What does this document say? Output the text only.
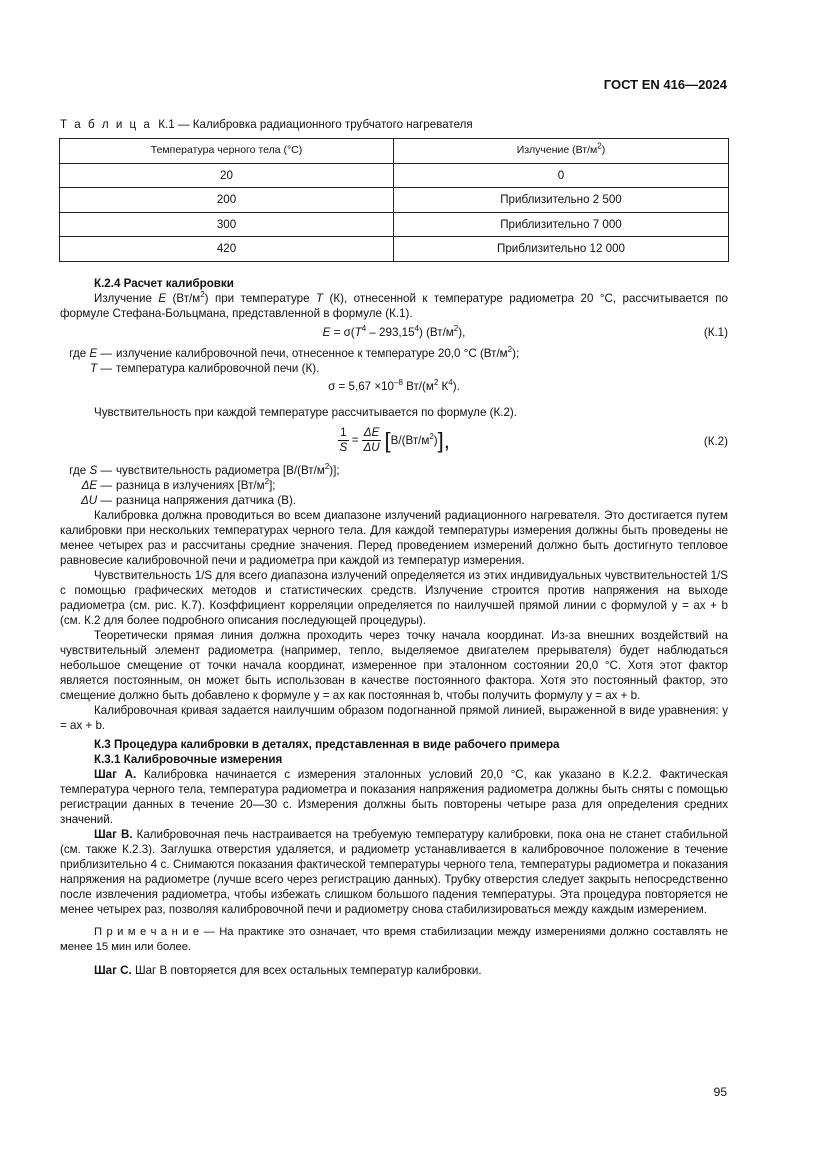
ГОСТ EN 416—2024
Т а б л и ц а К.1 — Калибровка радиационного трубчатого нагревателя
Температура черного тела (°С)	Излучение $(Вт/м^2)$
20	0
200	Приблизительно 2 500
300	Приблизительно 7 000
420	Приблизительно 12 000

К.2.4 Расчет калибровки

Излучение E $(Вт/м^2)$ при температуре T (К), отнесенной к температуре радиометра 20 °С, рассчитывается по формуле Стефана-Больцмана, представленной в формуле (К.1).

$E = \sigma(T^4 - 293,15^4)$ $(Вт/м^2)$,	(К.1)
где E — излучение калибровочной печи, отнесенное к температуре 20,0 °С $(Вт/м^2)$;
T — температура калибровочной печи (К).
$\sigma = 5,67 \times 10^{-8}$ $Вт/(м^2$ $К^4$).

Чувствительность при каждой температуре рассчитывается по формуле (К.2).

$\frac{1}{S} = \frac{\Delta E}{\Delta U} [B/(Вт/м^2)]$,	(К.2)
где S — чувствительность радиометра $[В/(Вт/м^2)]$;
ΔE — разница в излучениях $[Вт/м^2]$;
ΔU — разница напряжения датчика (В).

Калибровка должна проводиться во всем диапазоне излучений радиационного нагревателя. Это достигается путем калибровки при нескольких температурах черного тела. Для каждой температуры измерения должны быть проведены не менее четырех раз и рассчитаны средние значения. Перед проведением измерений должно быть достигнуто тепловое равновесие калибровочной печи и радиометра при каждой из температур измерения.

Чувствительность 1/S для всего диапазона излучений определяется из этих индивидуальных чувствительностей 1/S с помощью графических методов и статистических средств. Излучение строится против напряжения на выходе радиометра (см. рис. К.7). Коэффициент корреляции определяется по наилучшей прямой линии с формулой y = ax + b (см. К.2 для более подробного описания последующей процедуры).

Теоретически прямая линия должна проходить через точку начала координат. Из-за внешних воздействий на чувствительный элемент радиометра (например, тепло, выделяемое двигателем прерывателя) будет наблюдаться небольшое смещение от точки начала координат, измеренное при эталонном состоянии 20,0 °С. Хотя этот фактор является постоянным, он может быть использован в качестве постоянного фактора. Хотя это постоянный фактор, это смещение должно быть добавлено к формуле y = ax как постоянная b, чтобы получить формулу y = ax + b.

Калибровочная кривая задается наилучшим образом подогнанной прямой линией, выраженной в виде уравнения: y = ax + b.

К.3 Процедура калибровки в деталях, представленная в виде рабочего примера

К.3.1 Калибровочные измерения

Шаг А. Калибровка начинается с измерения эталонных условий 20,0 °С, как указано в К.2.2. Фактическая температура черного тела, температура радиометра и показания напряжения радиометра должны быть сняты с помощью регистрации данных в течение 20—30 с. Измерения должны быть повторены четыре раза для определения средних значений.

Шаг В. Калибровочная печь настраивается на требуемую температуру калибровки, пока она не станет стабильной (см. также К.2.3). Заглушка отверстия удаляется, и радиометр устанавливается в калибровочное положение в течение приблизительно 4 с. Снимаются показания фактической температуры черного тела, температуры радиометра и показания напряжения на радиометре (лучше всего через регистрацию данных). Трубку отверстия следует закрыть непосредственно после извлечения радиометра, чтобы избежать слишком большого падения температуры. Эта процедура повторяется не менее четырех раз, позволяя калибровочной печи и радиометру снова стабилизироваться между каждым измерением.

П р и м е ч а н и е — На практике это означает, что время стабилизации между измерениями должно составлять не менее 15 мин или более.

Шаг С. Шаг В повторяется для всех остальных температур калибровки.

95
